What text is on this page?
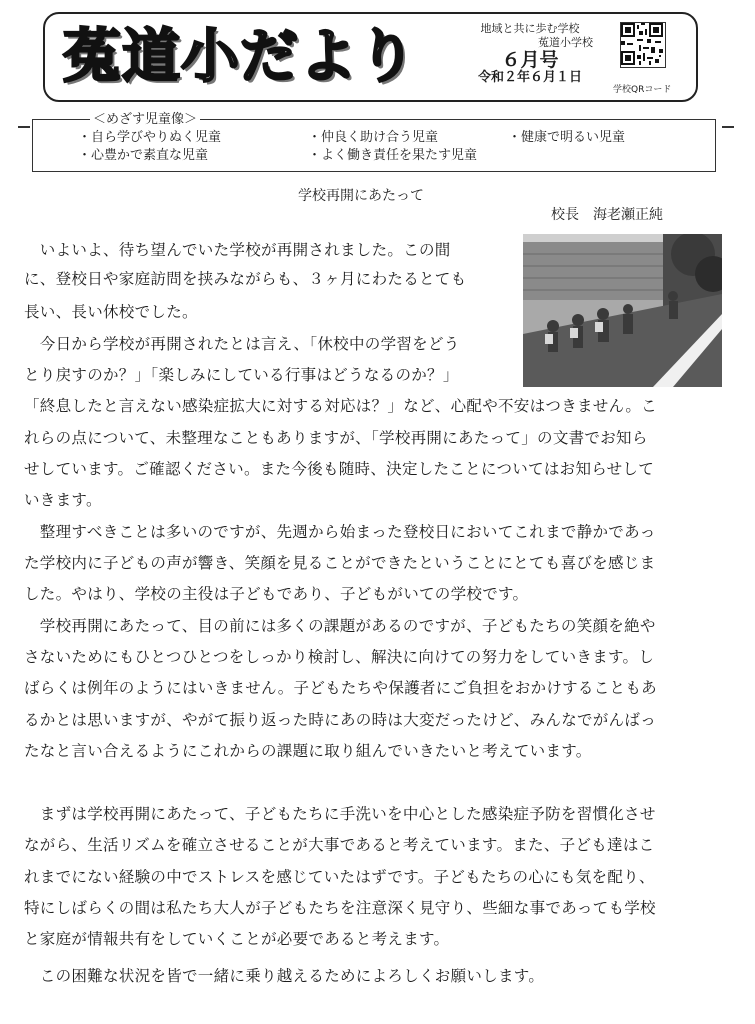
菟道小だより	地域と共に歩む学校
菟道小学校
６月号
令和２年６月１日
学校QRコード
＜めざす児童像＞
・自ら学びやりぬく児童	・仲良く助け合う児童	・健康で明るい児童
・心豊かで素直な児童	・よく働き責任を果たす児童
学校再開にあたって
校長　海老瀬正純
　いよいよ、待ち望んでいた学校が再開されました。この間
に、登校日や家庭訪問を挟みながらも、３ヶ月にわたるとても
長い、長い休校でした。
　今日から学校が再開されたとは言え、「休校中の学習をどう
とり戻すのか？」「楽しみにしている行事はどうなるのか？」
「終息したと言えない感染症拡大に対する対応は？」など、心配や不安はつきません。こ
れらの点について、未整理なこともありますが、「学校再開にあたって」の文書でお知ら
せしています。ご確認ください。また今後も随時、決定したことについてはお知らせして
いきます。
　整理すべきことは多いのですが、先週から始まった登校日においてこれまで静かであっ
た学校内に子どもの声が響き、笑顔を見ることができたということにとても喜びを感じま
した。やはり、学校の主役は子どもであり、子どもがいての学校です。
　学校再開にあたって、目の前には多くの課題があるのですが、子どもたちの笑顔を絶や
さないためにもひとつひとつをしっかり検討し、解決に向けての努力をしていきます。し
ばらくは例年のようにはいきません。子どもたちや保護者にご負担をおかけすることもあ
るかとは思いますが、やがて振り返った時にあの時は大変だったけど、みんなでがんばっ
たなと言い合えるようにこれからの課題に取り組んでいきたいと考えています。
　まずは学校再開にあたって、子どもたちに手洗いを中心とした感染症予防を習慣化させ
ながら、生活リズムを確立させることが大事であると考えています。また、子ども達はこ
れまでにない経験の中でストレスを感じていたはずです。子どもたちの心にも気を配り、
特にしばらくの間は私たち大人が子どもたちを注意深く見守り、些細な事であっても学校
と家庭が情報共有をしていくことが必要であると考えます。
　この困難な状況を皆で一緒に乗り越えるためによろしくお願いします。
